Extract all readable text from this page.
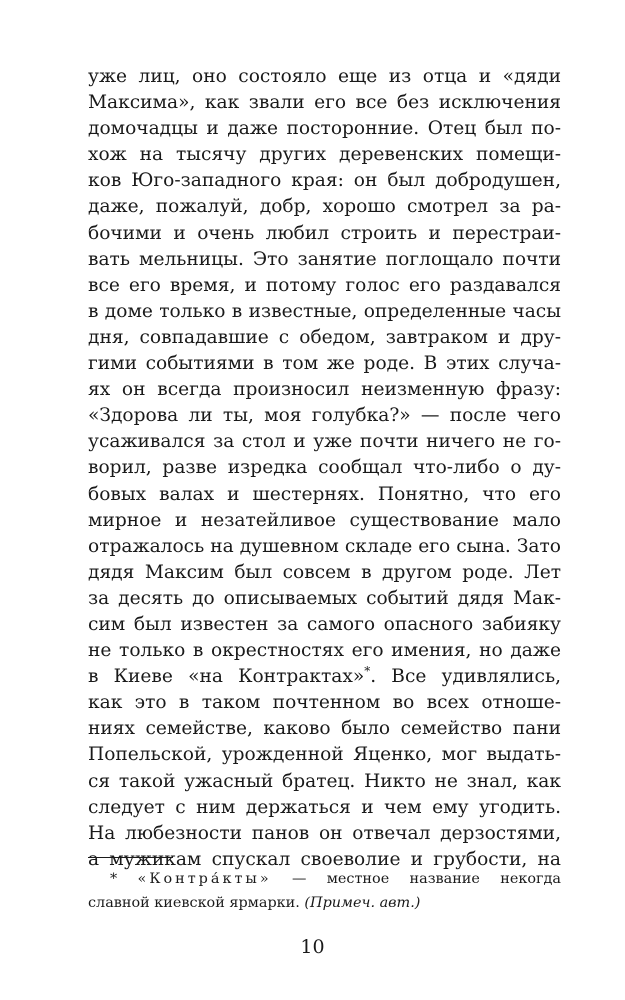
уже лиц, оно состояло еще из отца и «дяди
Максима», как звали его все без исключения
домочадцы и даже посторонние. Отец был по-
хож на тысячу других деревенских помещи-
ков Юго-западного края: он был добродушен,
даже, пожалуй, добр, хорошо смотрел за ра-
бочими и очень любил строить и перестраи-
вать мельницы. Это занятие поглощало почти
все его время, и потому голос его раздавался
в доме только в известные, определенные часы
дня, совпадавшие с обедом, завтраком и дру-
гими событиями в том же роде. В этих случа-
ях он всегда произносил неизменную фразу:
«Здорова ли ты, моя голубка?» — после чего
усаживался за стол и уже почти ничего не го-
ворил, разве изредка сообщал что-либо о ду-
бовых валах и шестернях. Понятно, что его
мирное и незатейливое существование мало
отражалось на душевном складе его сына. Зато
дядя Максим был совсем в другом роде. Лет
за десять до описываемых событий дядя Мак-
сим был известен за самого опасного забияку
не только в окрестностях его имения, но даже
в Киеве «на Контрактах»*. Все удивлялись,
как это в таком почтенном во всех отноше-
ниях семействе, каково было семейство пани
Попельской, урожденной Яценко, мог выдать-
ся такой ужасный братец. Никто не знал, как
следует с ним держаться и чем ему угодить.
На любезности панов он отвечал дерзостями,
а мужикам спускал своеволие и грубости, на
* «Контра́кты» — местное название некогда
славной киевской ярмарки. (Примеч. авт.)
10
